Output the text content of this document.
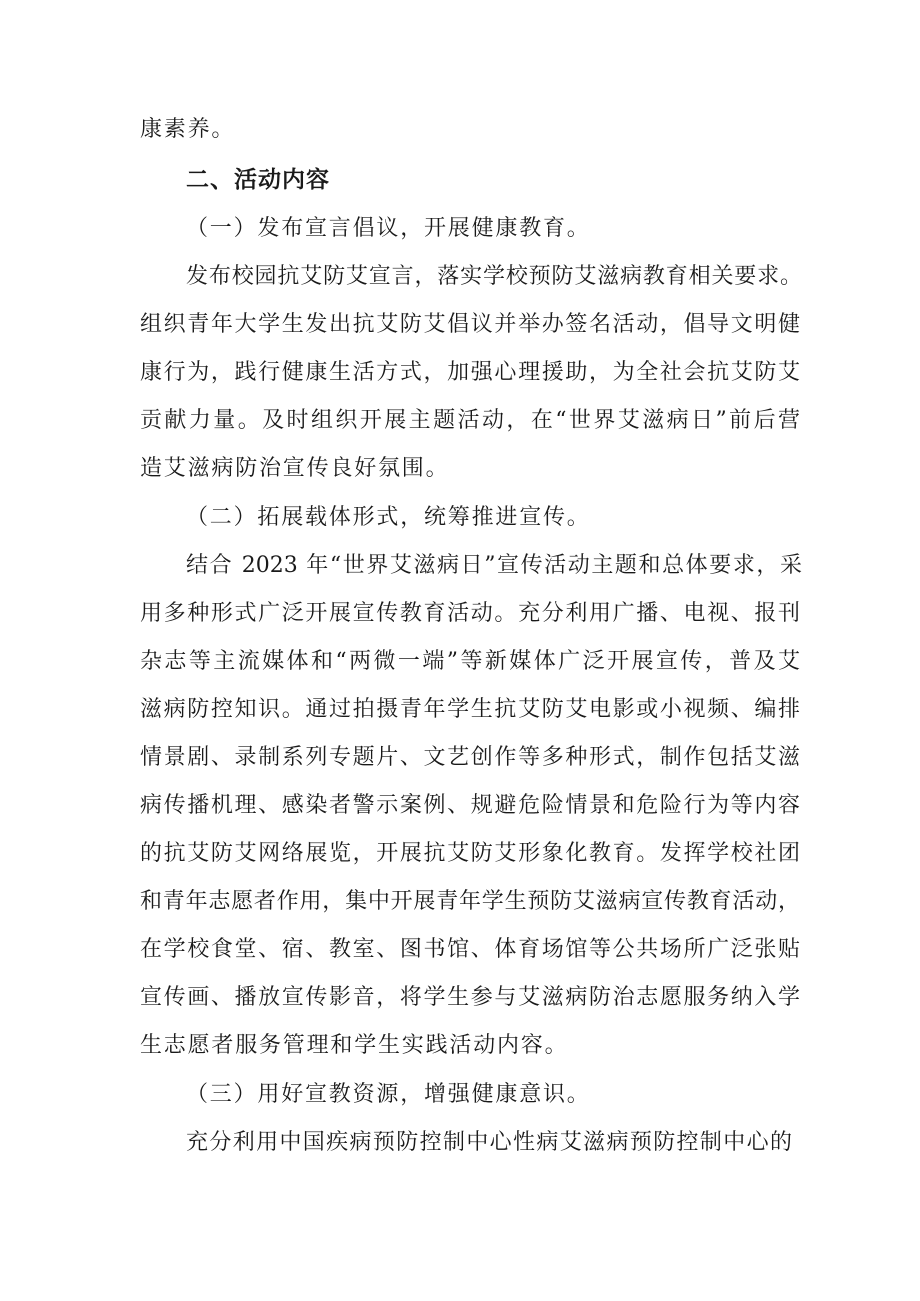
康素养。
二、活动内容
（一）发布宣言倡议，开展健康教育。
发布校园抗艾防艾宣言，落实学校预防艾滋病教育相关要求。
组织青年大学生发出抗艾防艾倡议并举办签名活动，倡导文明健
康行为，践行健康生活方式，加强心理援助，为全社会抗艾防艾
贡献力量。及时组织开展主题活动，在“世界艾滋病日”前后营
造艾滋病防治宣传良好氛围。
（二）拓展载体形式，统筹推进宣传。
结合 2023 年“世界艾滋病日”宣传活动主题和总体要求，采
用多种形式广泛开展宣传教育活动。充分利用广播、电视、报刊
杂志等主流媒体和“两微一端”等新媒体广泛开展宣传，普及艾
滋病防控知识。通过拍摄青年学生抗艾防艾电影或小视频、编排
情景剧、录制系列专题片、文艺创作等多种形式，制作包括艾滋
病传播机理、感染者警示案例、规避危险情景和危险行为等内容
的抗艾防艾网络展览，开展抗艾防艾形象化教育。发挥学校社团
和青年志愿者作用，集中开展青年学生预防艾滋病宣传教育活动，
在学校食堂、宿、教室、图书馆、体育场馆等公共场所广泛张贴
宣传画、播放宣传影音，将学生参与艾滋病防治志愿服务纳入学
生志愿者服务管理和学生实践活动内容。
（三）用好宣教资源，增强健康意识。
充分利用中国疾病预防控制中心性病艾滋病预防控制中心的
